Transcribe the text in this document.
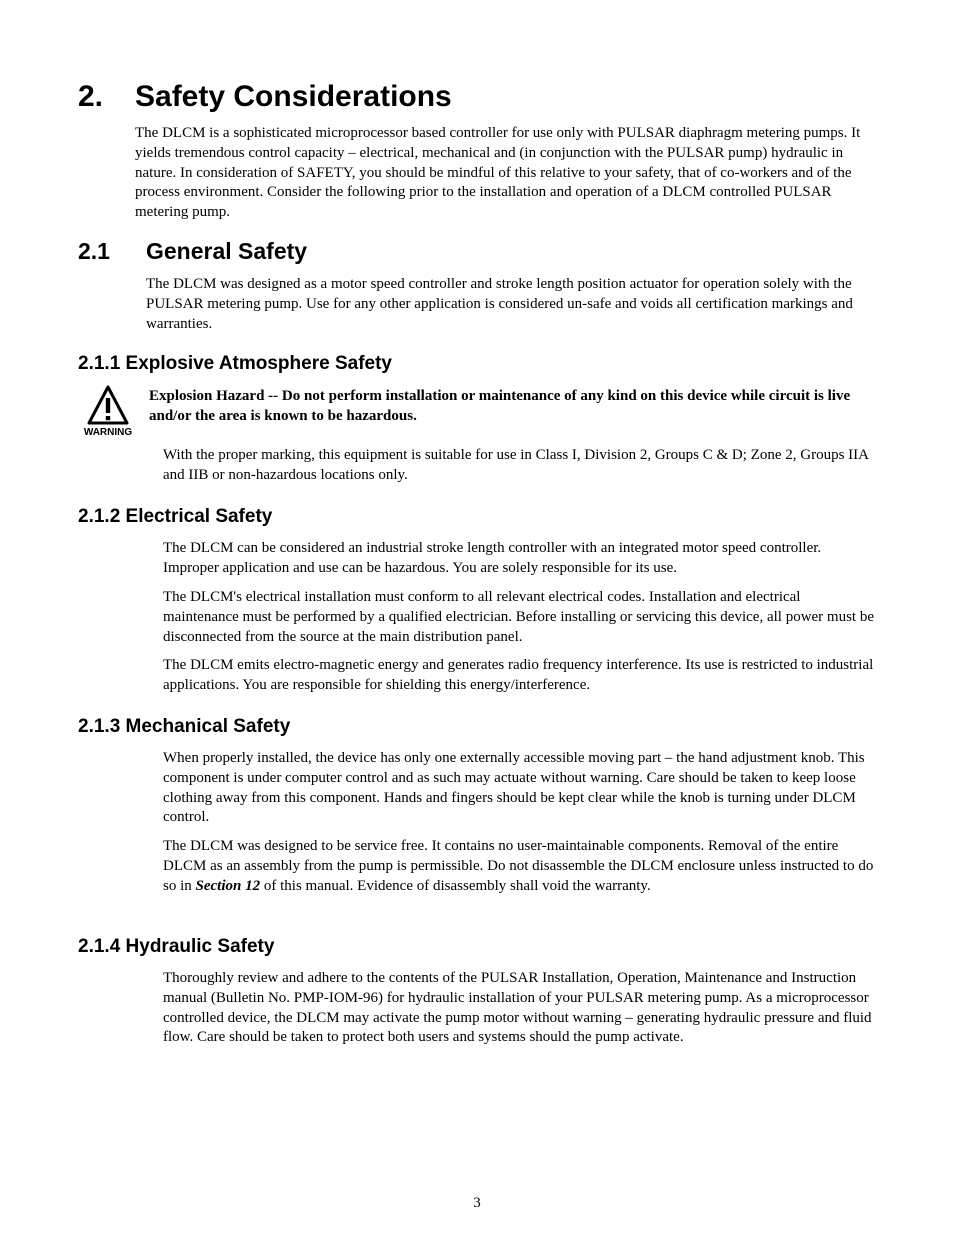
2. Safety Considerations

The DLCM is a sophisticated microprocessor based controller for use only with PULSAR diaphragm metering pumps. It yields tremendous control capacity – electrical, mechanical and (in conjunction with the PULSAR pump) hydraulic in nature. In consideration of SAFETY, you should be mindful of this relative to your safety, that of co-workers and of the process environment. Consider the following prior to the installation and operation of a DLCM controlled PULSAR metering pump.

2.1 General Safety

The DLCM was designed as a motor speed controller and stroke length position actuator for operation solely with the PULSAR metering pump. Use for any other application is considered un-safe and voids all certification markings and warranties.

2.1.1 Explosive Atmosphere Safety
WARNING

Explosion Hazard -- Do not perform installation or maintenance of any kind on this device while circuit is live and/or the area is known to be hazardous.

With the proper marking, this equipment is suitable for use in Class I, Division 2, Groups C & D; Zone 2, Groups IIA and IIB or non-hazardous locations only.

2.1.2 Electrical Safety

The DLCM can be considered an industrial stroke length controller with an integrated motor speed controller. Improper application and use can be hazardous. You are solely responsible for its use.

The DLCM's electrical installation must conform to all relevant electrical codes. Installation and electrical maintenance must be performed by a qualified electrician. Before installing or servicing this device, all power must be disconnected from the source at the main distribution panel.

The DLCM emits electro-magnetic energy and generates radio frequency interference. Its use is restricted to industrial applications. You are responsible for shielding this energy/interference.

2.1.3 Mechanical Safety

When properly installed, the device has only one externally accessible moving part – the hand adjustment knob. This component is under computer control and as such may actuate without warning. Care should be taken to keep loose clothing away from this component. Hands and fingers should be kept clear while the knob is turning under DLCM control.

The DLCM was designed to be service free. It contains no user-maintainable components. Removal of the entire DLCM as an assembly from the pump is permissible. Do not disassemble the DLCM enclosure unless instructed to do so in Section 12 of this manual. Evidence of disassembly shall void the warranty.

2.1.4 Hydraulic Safety

Thoroughly review and adhere to the contents of the PULSAR Installation, Operation, Maintenance and Instruction manual (Bulletin No. PMP-IOM-96) for hydraulic installation of your PULSAR metering pump. As a microprocessor controlled device, the DLCM may activate the pump motor without warning – generating hydraulic pressure and fluid flow. Care should be taken to protect both users and systems should the pump activate.

3
